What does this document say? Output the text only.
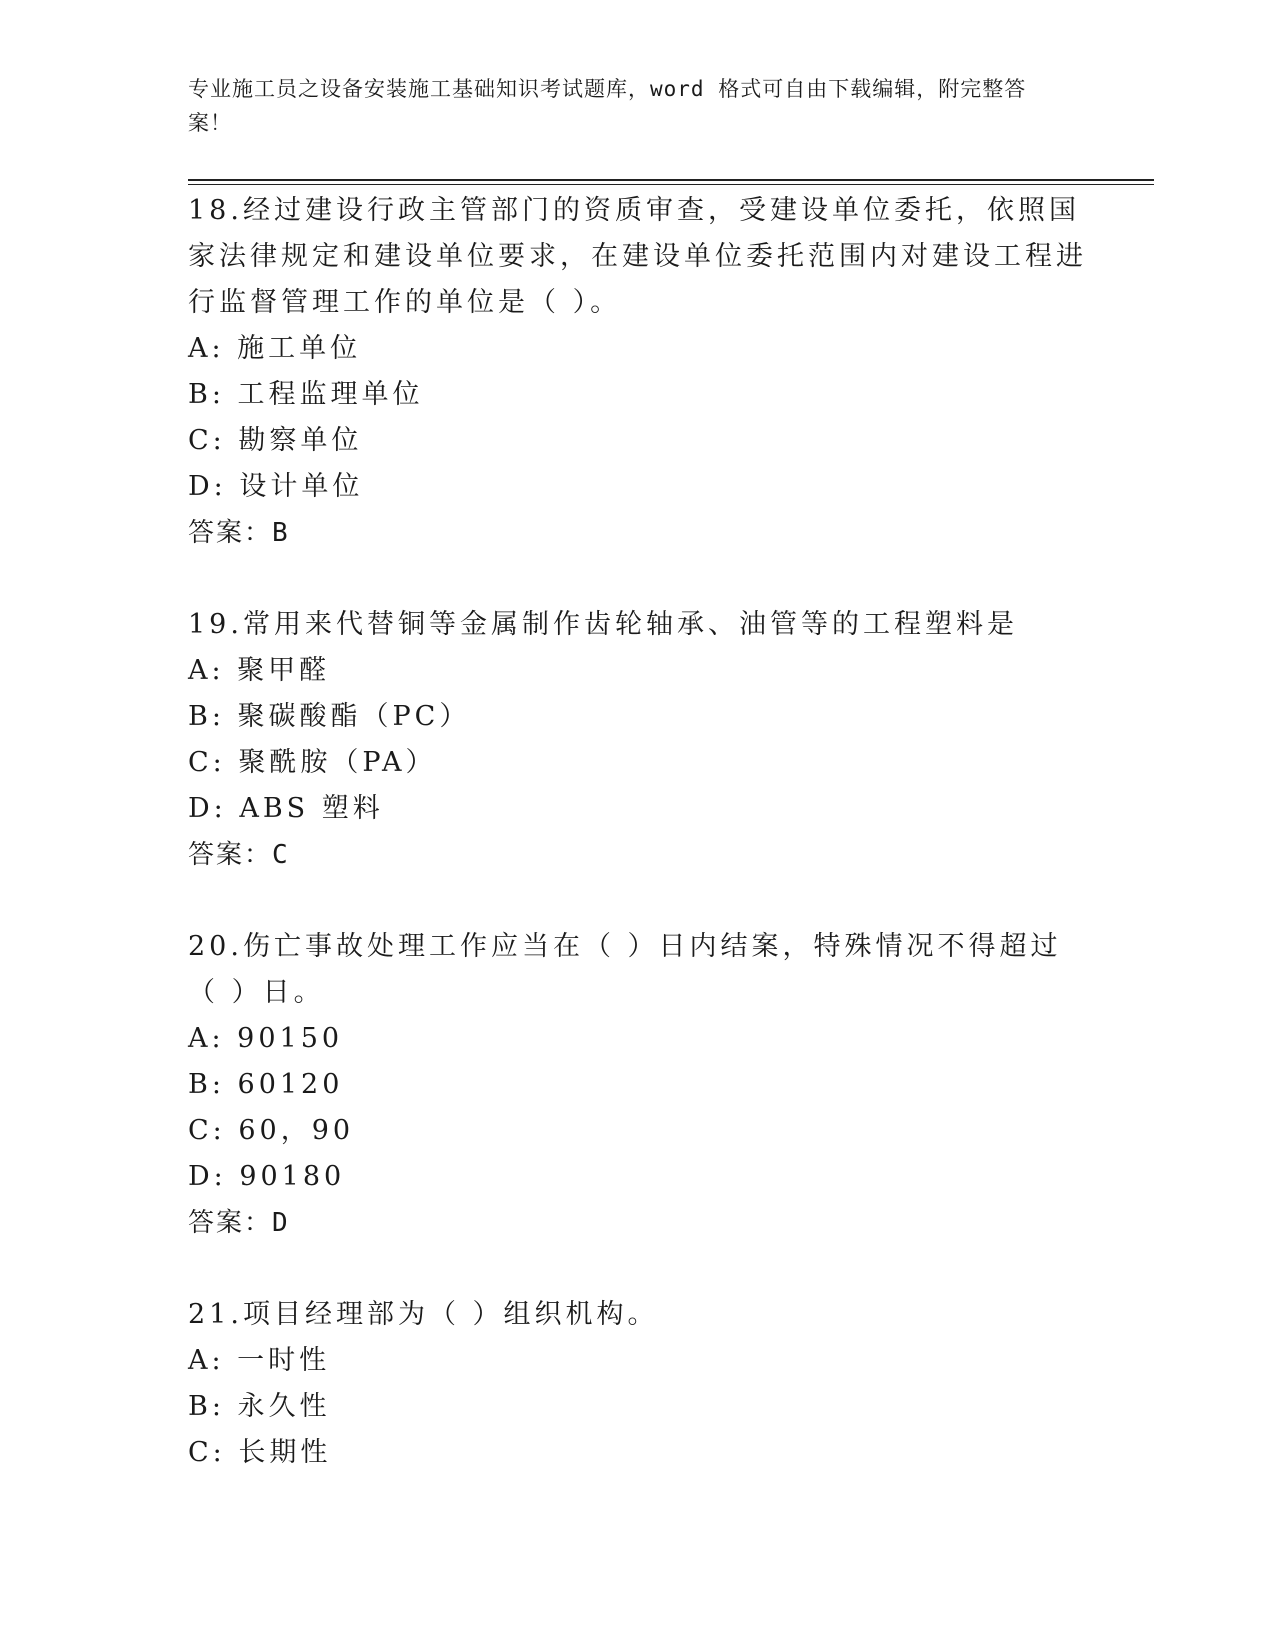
专业施工员之设备安装施工基础知识考试题库，word 格式可自由下载编辑，附完整答案！
18.经过建设行政主管部门的资质审查，受建设单位委托，依照国家法律规定和建设单位要求，在建设单位委托范围内对建设工程进行监督管理工作的单位是（ ）。
A: 施工单位
B: 工程监理单位
C: 勘察单位
D: 设计单位
答案：B
19.常用来代替铜等金属制作齿轮轴承、油管等的工程塑料是
A: 聚甲醛
B: 聚碳酸酯（PC）
C: 聚酰胺（PA）
D: ABS 塑料
答案：C
20.伤亡事故处理工作应当在（ ）日内结案，特殊情况不得超过（ ）日。
A: 90150
B: 60120
C: 60，90
D: 90180
答案：D
21.项目经理部为（ ）组织机构。
A: 一时性
B: 永久性
C: 长期性
